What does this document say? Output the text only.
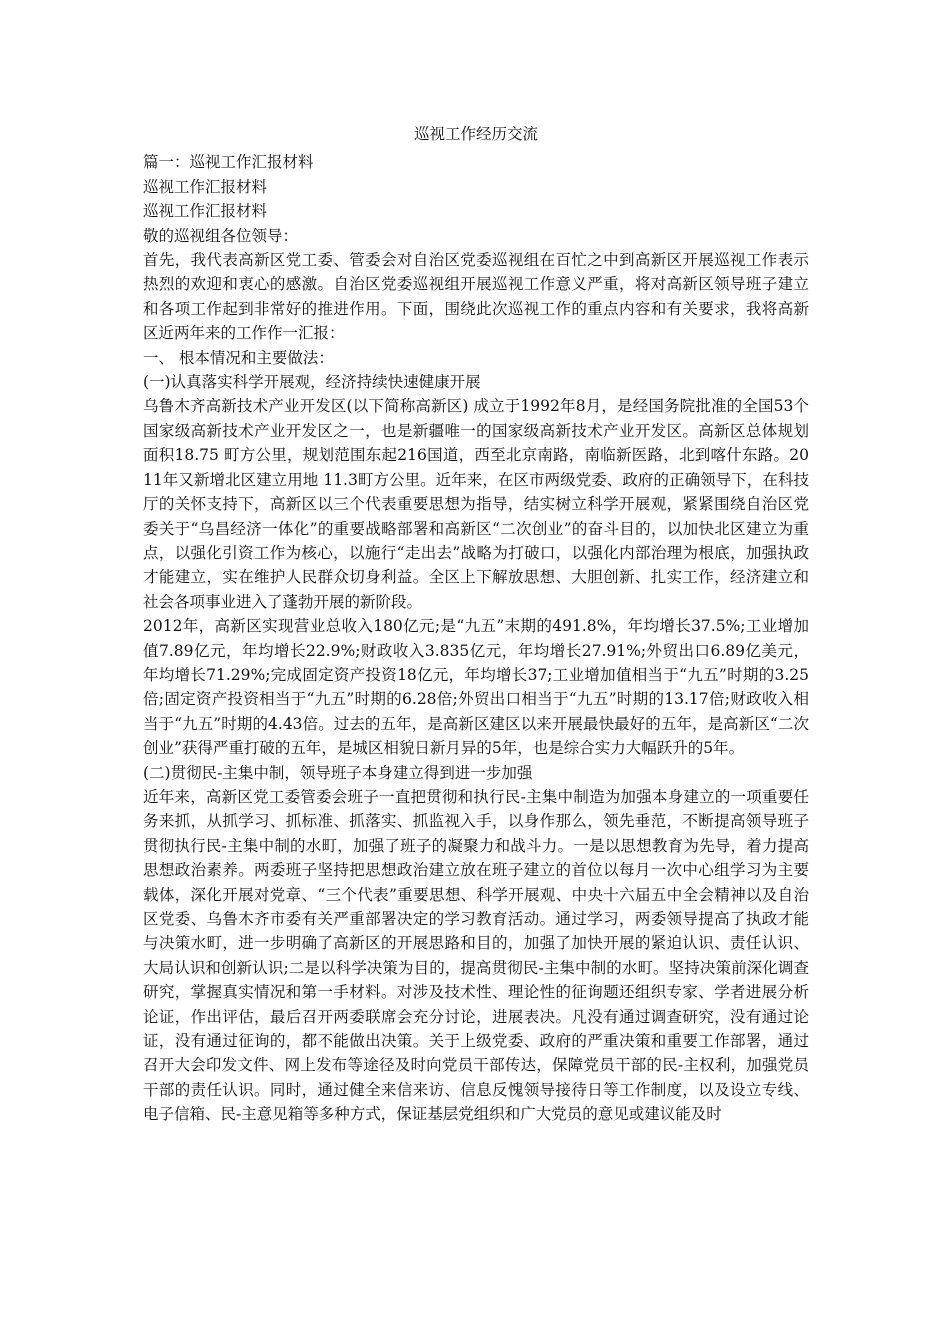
巡视工作经历交流
篇一：巡视工作汇报材料
巡视工作汇报材料
巡视工作汇报材料
敬的巡视组各位领导：
首先，我代表高新区党工委、管委会对自治区党委巡视组在百忙之中到高新区开展巡视工作表示热烈的欢迎和衷心的感激。自治区党委巡视组开展巡视工作意义严重，将对高新区领导班子建立和各项工作起到非常好的推进作用。下面，围绕此次巡视工作的重点内容和有关要求，我将高新区近两年来的工作作一汇报：
一、 根本情况和主要做法：
(一)认真落实科学开展观，经济持续快速健康开展
乌鲁木齐高新技术产业开发区(以下简称高新区) 成立于1992年8月，是经国务院批准的全国53个国家级高新技术产业开发区之一，也是新疆唯一的国家级高新技术产业开发区。高新区总体规划面积18.75 町方公里，规划范围东起216国道，西至北京南路，南临新医路，北到喀什东路。2011年又新增北区建立用地 11.3町方公里。近年来，在区市两级党委、政府的正确领导下，在科技厅的关怀支持下，高新区以三个代表重要思想为指导，结实树立科学开展观，紧紧围绕自治区党委关于“乌昌经济一体化”的重要战略部署和高新区“二次创业”的奋斗目的，以加快北区建立为重点，以强化引资工作为核心，以施行“走出去”战略为打破口，以强化内部治理为根底，加强执政才能建立，实在维护人民群众切身利益。全区上下解放思想、大胆创新、扎实工作，经济建立和社会各项事业进入了蓬勃开展的新阶段。
2012年，高新区实现营业总收入180亿元;是“九五”末期的491.8%，年均增长37.5%;工业增加值7.89亿元，年均增长22.9%;财政收入3.835亿元，年均增长27.91%;外贸出口6.89亿美元，年均增长71.29%;完成固定资产投资18亿元，年均增长37;工业增加值相当于“九五”时期的3.25倍;固定资产投资相当于“九五”时期的6.28倍;外贸出口相当于“九五”时期的13.17倍;财政收入相当于“九五”时期的4.43倍。过去的五年，是高新区建区以来开展最快最好的五年，是高新区“二次创业”获得严重打破的五年，是城区相貌日新月异的5年，也是综合实力大幅跃升的5年。
(二)贯彻民-主集中制，领导班子本身建立得到进一步加强
近年来，高新区党工委管委会班子一直把贯彻和执行民-主集中制造为加强本身建立的一项重要任务来抓，从抓学习、抓标准、抓落实、抓监视入手，以身作那么，领先垂范，不断提高领导班子贯彻执行民-主集中制的水町，加强了班子的凝聚力和战斗力。一是以思想教育为先导，着力提高思想政治素养。两委班子坚持把思想政治建立放在班子建立的首位以每月一次中心组学习为主要载体，深化开展对党章、“三个代表”重要思想、科学开展观、中央十六届五中全会精神以及自治区党委、乌鲁木齐市委有关严重部署决定的学习教育活动。通过学习，两委领导提高了执政才能与决策水町，进一步明确了高新区的开展思路和目的，加强了加快开展的紧迫认识、责任认识、大局认识和创新认识;二是以科学决策为目的，提高贯彻民-主集中制的水町。坚持决策前深化调查研究，掌握真实情况和第一手材料。对涉及技术性、理论性的征询题还组织专家、学者进展分析论证，作出评估，最后召开两委联席会充分讨论，进展表决。凡没有通过调查研究，没有通过论证，没有通过征询的，都不能做出决策。关于上级党委、政府的严重决策和重要工作部署，通过召开大会印发文件、网上发布等途径及时向党员干部传达，保障党员干部的民-主权利，加强党员干部的责任认识。同时，通过健全来信来访、信息反愧领导接待日等工作制度，以及设立专线、电子信箱、民-主意见箱等多种方式，保证基层党组织和广大党员的意见或建议能及时
